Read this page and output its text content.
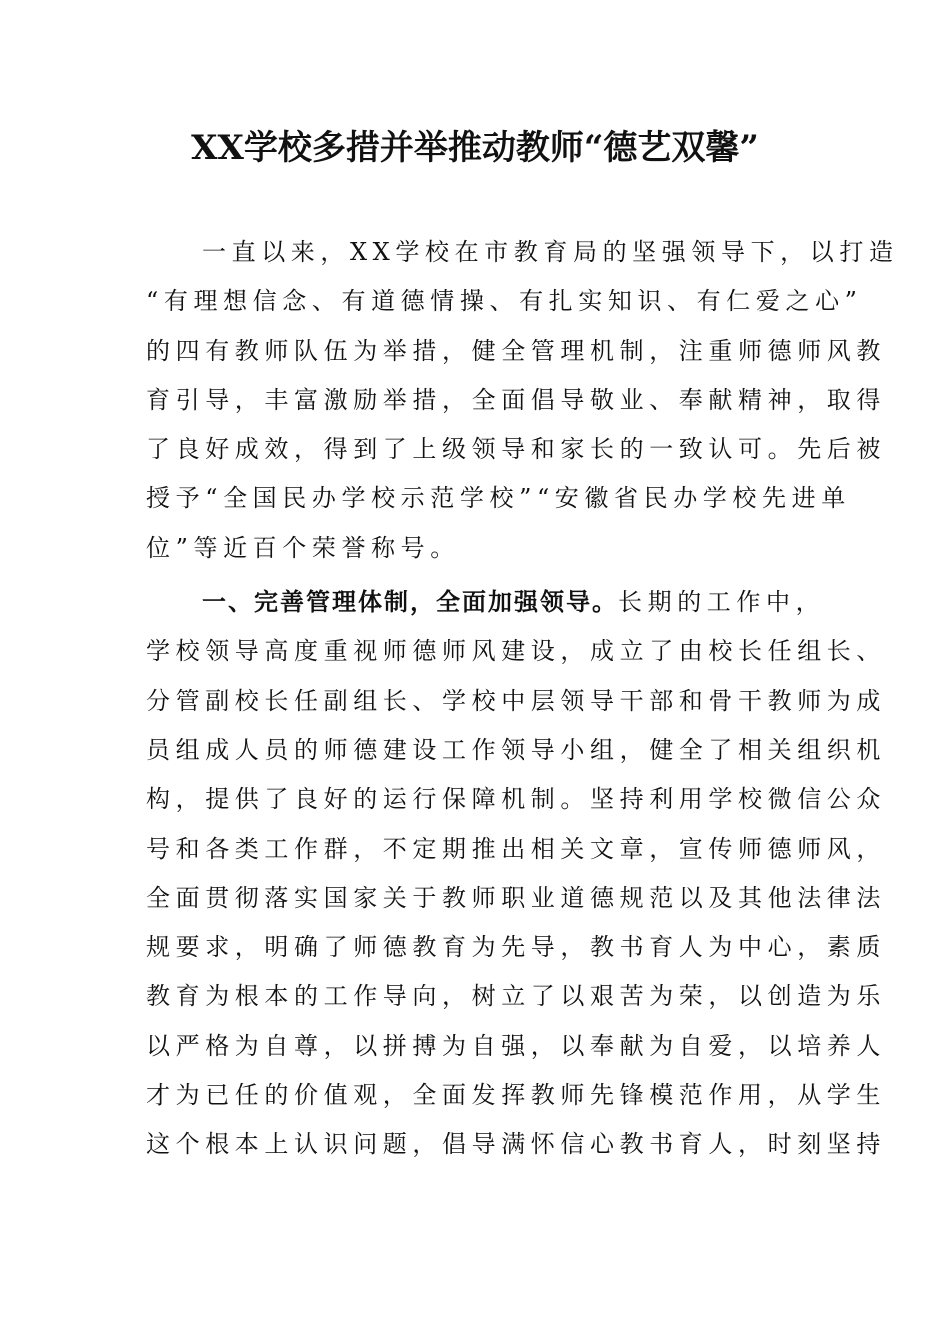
XX学校多措并举推动教师“德艺双馨”
一直以来，XX学校在市教育局的坚强领导下，以打造
“有理想信念、有道德情操、有扎实知识、有仁爱之心”
的四有教师队伍为举措，健全管理机制，注重师德师风教
育引导，丰富激励举措，全面倡导敬业、奉献精神，取得
了良好成效，得到了上级领导和家长的一致认可。先后被
授予“全国民办学校示范学校”“安徽省民办学校先进单
位”等近百个荣誉称号。
一、完善管理体制，全面加强领导。长期的工作中，
学校领导高度重视师德师风建设，成立了由校长任组长、
分管副校长任副组长、学校中层领导干部和骨干教师为成
员组成人员的师德建设工作领导小组，健全了相关组织机
构，提供了良好的运行保障机制。坚持利用学校微信公众
号和各类工作群，不定期推出相关文章，宣传师德师风，
全面贯彻落实国家关于教师职业道德规范以及其他法律法
规要求，明确了师德教育为先导，教书育人为中心，素质
教育为根本的工作导向，树立了以艰苦为荣，以创造为乐
以严格为自尊，以拼搏为自强，以奉献为自爱，以培养人
才为已任的价值观，全面发挥教师先锋模范作用，从学生
这个根本上认识问题，倡导满怀信心教书育人，时刻坚持
